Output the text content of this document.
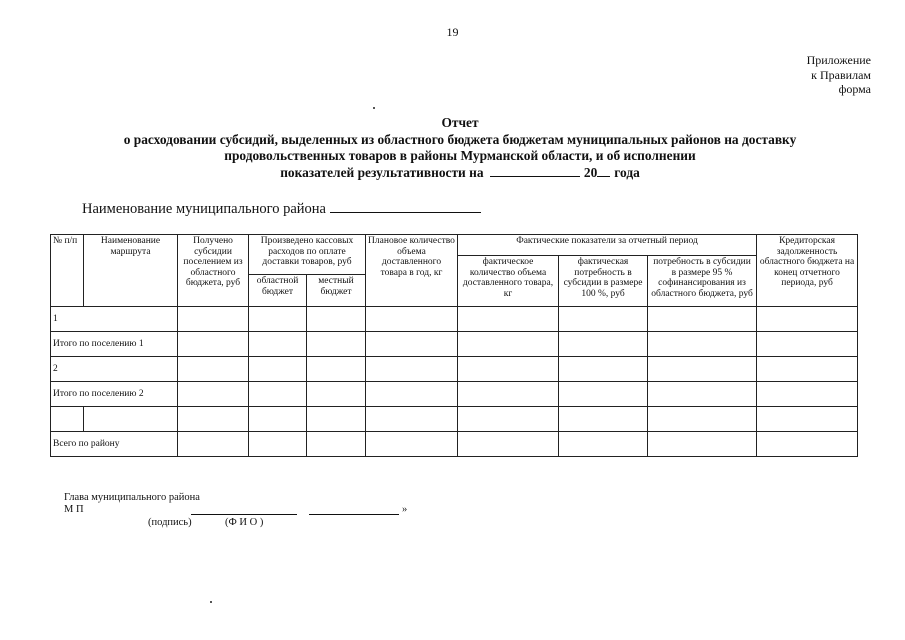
19
Приложение
к Правилам
форма
Отчет
о расходовании субсидий, выделенных из областного бюджета бюджетам муниципальных районов на доставку
продовольственных товаров в районы Мурманской области, и об исполнении
показателей результативности на	20 года
Наименование муниципального района
№ п/п	Наименование маршрута	Получено субсидии поселением из областного бюджета, руб	Произведено кассовых расходов по оплате доставки товаров, руб		Плановое количество объема доставленного товара в год, кг	Фактические показатели за отчетный период			Кредиторская задолженность областного бюджета на конец отчетного периода, руб
						фактическое количество объема доставленного товара, кг	фактическая потребность в субсидии в размере 100 %, руб	потребность в субсидии в размере 95 % софинансирования из областного бюджета, руб	
			областной бюджет	местный бюджет					
1									
Итого по поселению 1									
2									
Итого по поселению 2									

Всего по району									
Глава муниципального района
М П	»
(подпись)	(Ф И О )
